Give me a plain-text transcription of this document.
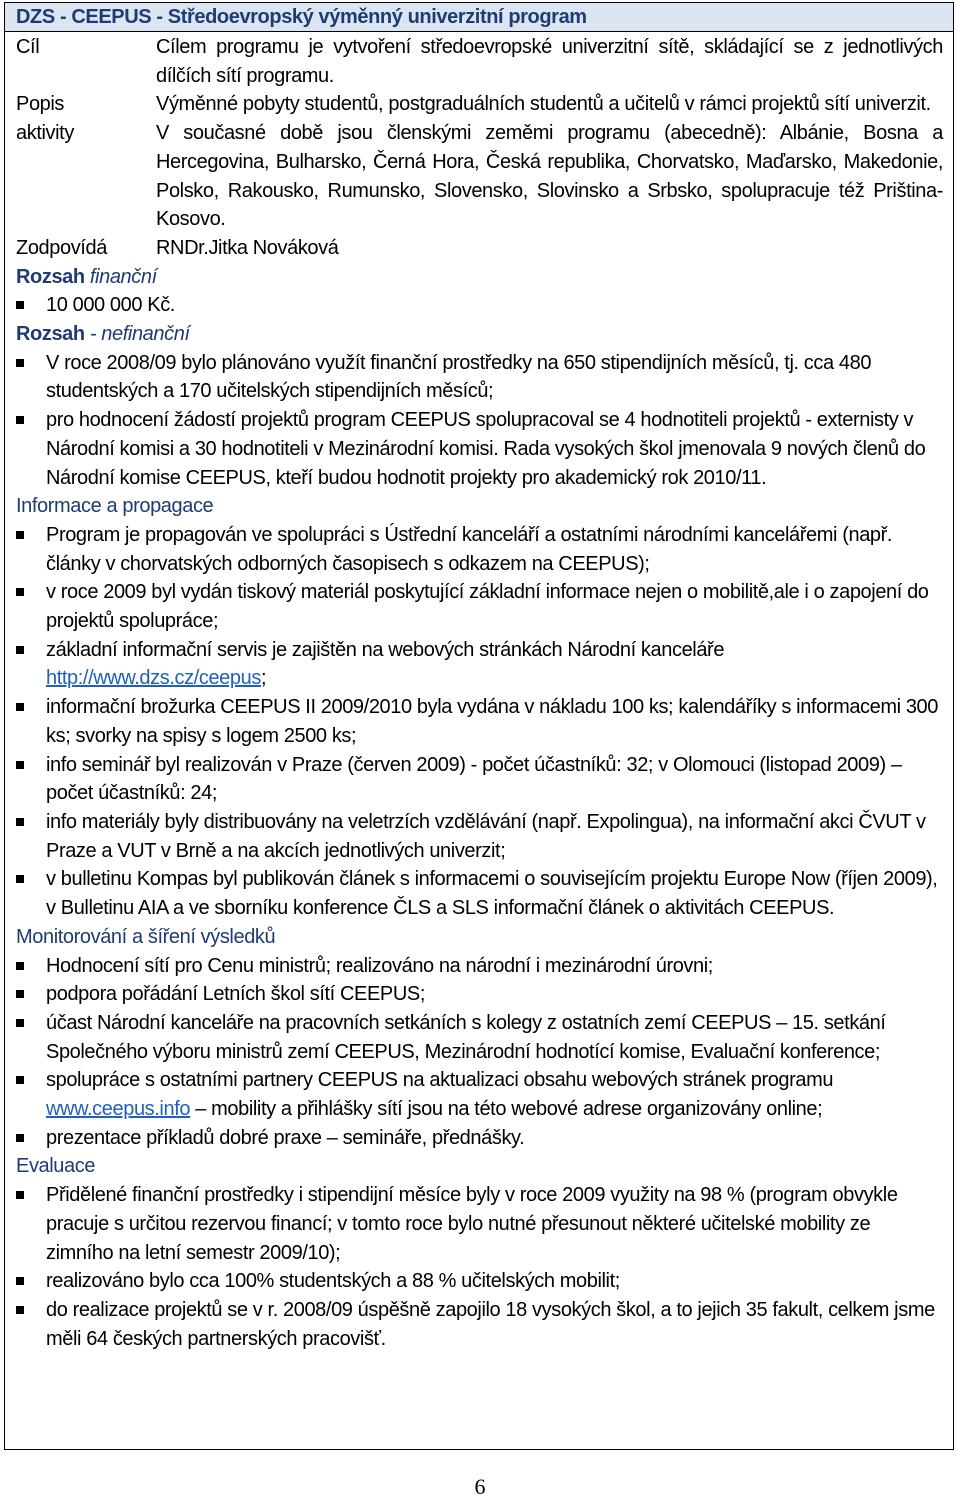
DZS - CEEPUS - Středoevropský výměnný univerzitní program
Cíl	Cílem programu je vytvoření středoevropské univerzitní sítě, skládající se z jednotlivých dílčích sítí programu.
Popis
aktivity
Výměnné pobyty studentů, postgraduálních studentů a učitelů v rámci projektů sítí univerzit.
V současné době jsou členskými zeměmi programu (abecedně): Albánie, Bosna a Hercegovina, Bulharsko, Černá Hora, Česká republika, Chorvatsko, Maďarsko, Makedonie, Polsko, Rakousko, Rumunsko, Slovensko, Slovinsko a Srbsko, spolupracuje též Priština-Kosovo.
Zodpovídá	RNDr.Jitka Nováková
Rozsah finanční
10 000 000 Kč.
Rozsah - nefinanční
V roce 2008/09 bylo plánováno využít finanční prostředky na 650 stipendijních měsíců, tj. cca 480 studentských a 170 učitelských stipendijních měsíců;
pro hodnocení žádostí projektů program CEEPUS spolupracoval se 4 hodnotiteli projektů - externisty v Národní komisi a 30 hodnotiteli v Mezinárodní komisi. Rada vysokých škol jmenovala 9 nových členů do Národní komise CEEPUS, kteří budou hodnotit projekty pro akademický rok 2010/11.
Informace a propagace
Program je propagován ve spolupráci s Ústřední kanceláří a ostatními národními kancelářemi (např. články v chorvatských odborných časopisech s odkazem na CEEPUS);
v roce 2009 byl vydán tiskový materiál poskytující základní informace nejen o mobilitě,ale i o zapojení do projektů spolupráce;
základní informační servis je zajištěn na webových stránkách Národní kanceláře
http://www.dzs.cz/ceepus;
informační brožurka CEEPUS II 2009/2010 byla vydána v nákladu 100 ks; kalendáříky s informacemi 300 ks; svorky na spisy s logem 2500 ks;
info seminář byl realizován v Praze (červen 2009) - počet účastníků: 32; v Olomouci (listopad 2009) – počet účastníků: 24;
info materiály byly distribuovány na veletrzích vzdělávání (např. Expolingua), na informační akci ČVUT v Praze a VUT v Brně a na akcích jednotlivých univerzit;
v bulletinu Kompas byl publikován článek s informacemi o souvisejícím projektu Europe Now (říjen 2009), v Bulletinu AIA a ve sborníku konference ČLS a SLS informační článek o aktivitách CEEPUS.
Monitorování a šíření výsledků
Hodnocení sítí pro Cenu ministrů; realizováno na národní i mezinárodní úrovni;
podpora pořádání Letních škol sítí CEEPUS;
účast Národní kanceláře na pracovních setkáních s kolegy z ostatních zemí CEEPUS – 15. setkání Společného výboru ministrů zemí CEEPUS, Mezinárodní hodnotící komise, Evaluační konference;
spolupráce s ostatními partnery CEEPUS na aktualizaci obsahu webových stránek programu
www.ceepus.info – mobility a přihlášky sítí jsou na této webové adrese organizovány online;
prezentace příkladů dobré praxe – semináře, přednášky.
Evaluace
Přidělené finanční prostředky i stipendijní měsíce byly v roce 2009 využity na 98 % (program obvykle pracuje s určitou rezervou financí; v tomto roce bylo nutné přesunout některé učitelské mobility ze zimního na letní semestr 2009/10);
realizováno bylo cca 100% studentských a 88 % učitelských mobilit;
do realizace projektů se v r. 2008/09 úspěšně zapojilo 18 vysokých škol, a to jejich 35 fakult, celkem jsme měli 64 českých partnerských pracovišť.
6
